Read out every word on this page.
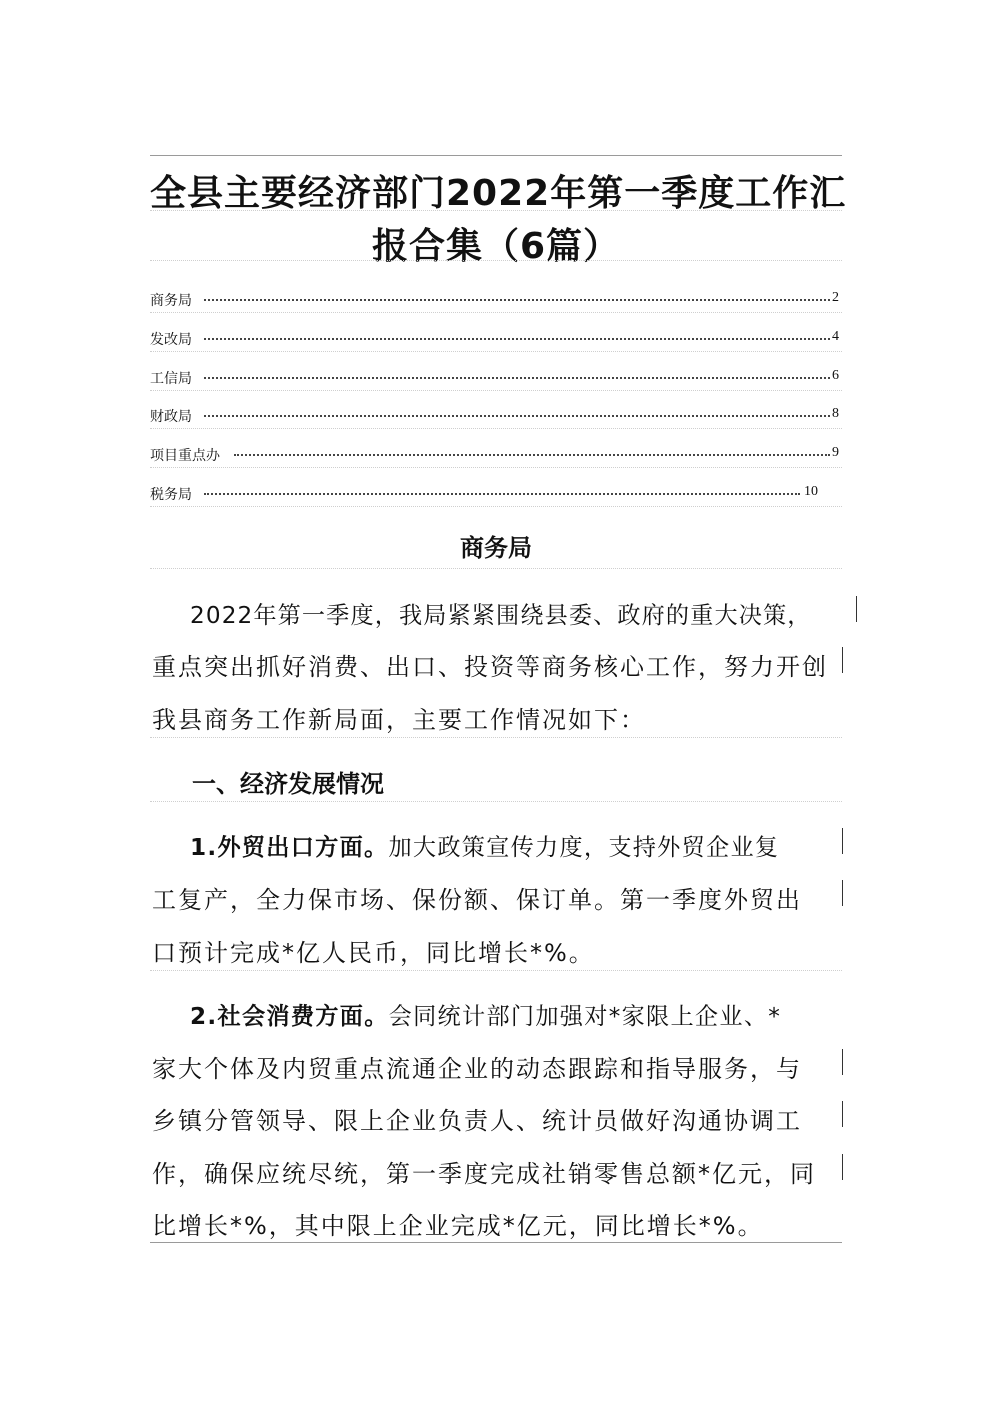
全县主要经济部门2022年第一季度工作汇
报合集（6篇）
商务局	2
发改局	4
工信局	6
财政局	8
项目重点办	9
税务局	10
商务局
2022年第一季度，我局紧紧围绕县委、政府的重大决策，
重点突出抓好消费、出口、投资等商务核心工作，努力开创
我县商务工作新局面，主要工作情况如下：
一、经济发展情况
1.外贸出口方面。加大政策宣传力度，支持外贸企业复
工复产，全力保市场、保份额、保订单。第一季度外贸出
口预计完成*亿人民币，同比增长*%。
2.社会消费方面。会同统计部门加强对*家限上企业、*
家大个体及内贸重点流通企业的动态跟踪和指导服务，与
乡镇分管领导、限上企业负责人、统计员做好沟通协调工
作，确保应统尽统，第一季度完成社销零售总额*亿元，同
比增长*%，其中限上企业完成*亿元，同比增长*%。
